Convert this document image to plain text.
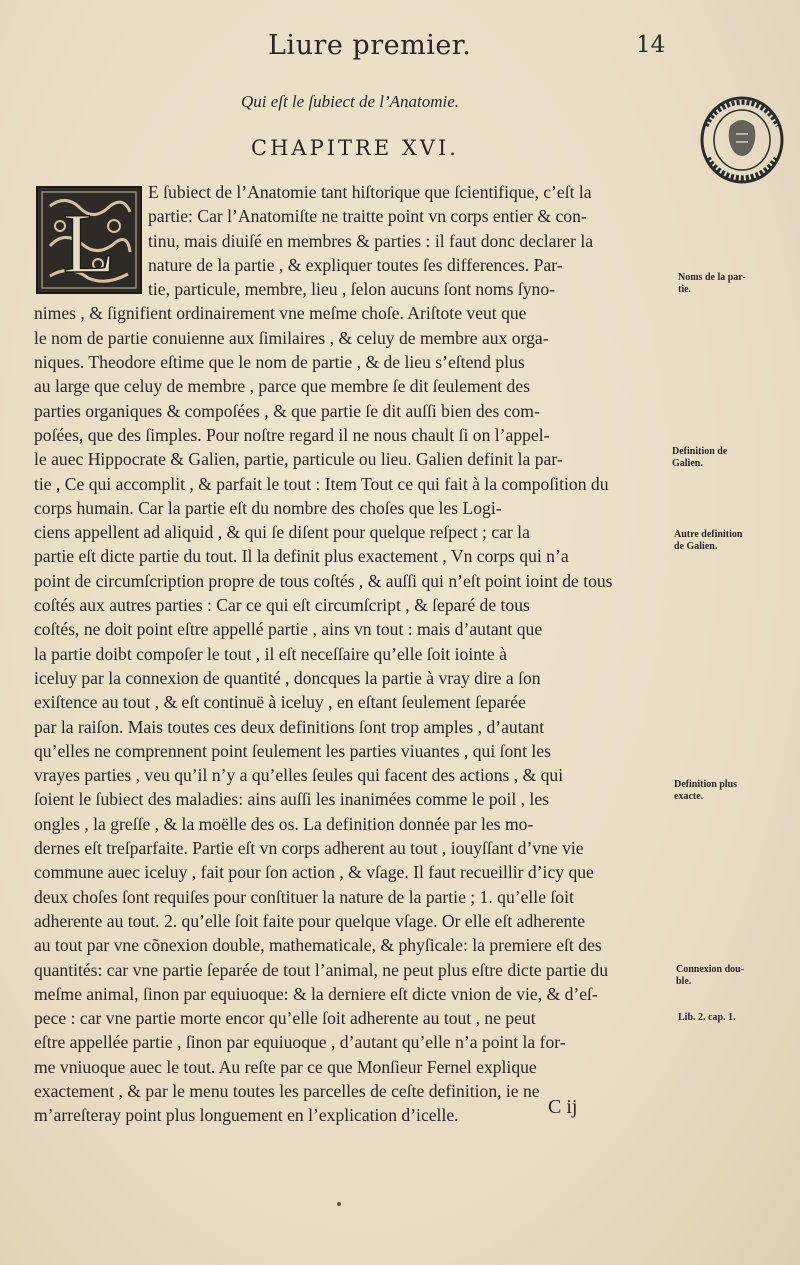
Liure premier.	14
Qui eſt le ſubiect de l’Anatomie.
CHAPITRE XVI.
L
E ſubiect de l’Anatomie tant hiſtorique que ſcientifique, c’eſt la
partie: Car l’Anatomiſte ne traitte point vn corps entier & con-
tinu, mais diuiſé en membres & parties : il faut donc declarer la
nature de la partie , & expliquer toutes ſes differences. Par-
tie, particule, membre, lieu , ſelon aucuns ſont noms ſyno-
nimes , & ſignifient ordinairement vne meſme choſe. Ariſtote veut que
le nom de partie conuienne aux ſimilaires , & celuy de membre aux orga-
niques. Theodore eſtime que le nom de partie , & de lieu s’eſtend plus
au large que celuy de membre , parce que membre ſe dit ſeulement des
parties organiques & compoſées , & que partie ſe dit auſſi bien des com-
poſées, que des ſimples. Pour noſtre regard il ne nous chault ſi on l’appel-
le auec Hippocrate & Galien, partie, particule ou lieu. Galien definit la par-
tie , Ce qui accomplit , & parfait le tout : Item Tout ce qui fait à la compoſition du
corps humain. Car la partie eſt du nombre des choſes que les Logi-
ciens appellent ad aliquid , & qui ſe diſent pour quelque reſpect ; car la
partie eſt dicte partie du tout. Il la definit plus exactement , Vn corps qui n’a
point de circumſcription propre de tous coſtés , & auſſi qui n’eſt point ioint de tous
coſtés aux autres parties : Car ce qui eſt circumſcript , & ſeparé de tous
coſtés, ne doit point eſtre appellé partie , ains vn tout : mais d’autant que
la partie doibt compoſer le tout , il eſt neceſſaire qu’elle ſoit iointe à
iceluy par la connexion de quantité , doncques la partie à vray dire a ſon
exiſtence au tout , & eſt continuë à iceluy , en eſtant ſeulement ſeparée
par la raiſon. Mais toutes ces deux definitions ſont trop amples , d’autant
qu’elles ne comprennent point ſeulement les parties viuantes , qui ſont les
vrayes parties , veu qu’il n’y a qu’elles ſeules qui facent des actions , & qui
ſoient le ſubiect des maladies: ains auſſi les inanimées comme le poil , les
ongles , la greſſe , & la moëlle des os. La definition donnée par les mo-
dernes eſt treſparfaite. Partie eſt vn corps adherent au tout , iouyſſant d’vne vie
commune auec iceluy , fait pour ſon action , & vſage. Il faut recueillir d’icy que
deux choſes ſont requiſes pour conſtituer la nature de la partie ; 1. qu’elle ſoit
adherente au tout. 2. qu’elle ſoit faite pour quelque vſage. Or elle eſt adherente
au tout par vne cõnexion double, mathematicale, & phyſicale: la premiere eſt des
quantités: car vne partie ſeparée de tout l’animal, ne peut plus eſtre dicte partie du
meſme animal, ſinon par equiuoque: & la derniere eſt dicte vnion de vie, & d’eſ-
pece : car vne partie morte encor qu’elle ſoit adherente au tout , ne peut
eſtre appellée partie , ſinon par equiuoque , d’autant qu’elle n’a point la for-
me vniuoque auec le tout. Au reſte par ce que Monſieur Fernel explique
exactement , & par le menu toutes les parcelles de ceſte definition, ie ne
m’arreſteray point plus longuement en l’explication d’icelle.
Noms de la par-
tie.
Definition de
Galien.
Autre definition
de Galien.
Definition plus
exacte.
Connexion dou-
ble.
Lib. 2. cap. 1.
C ij
